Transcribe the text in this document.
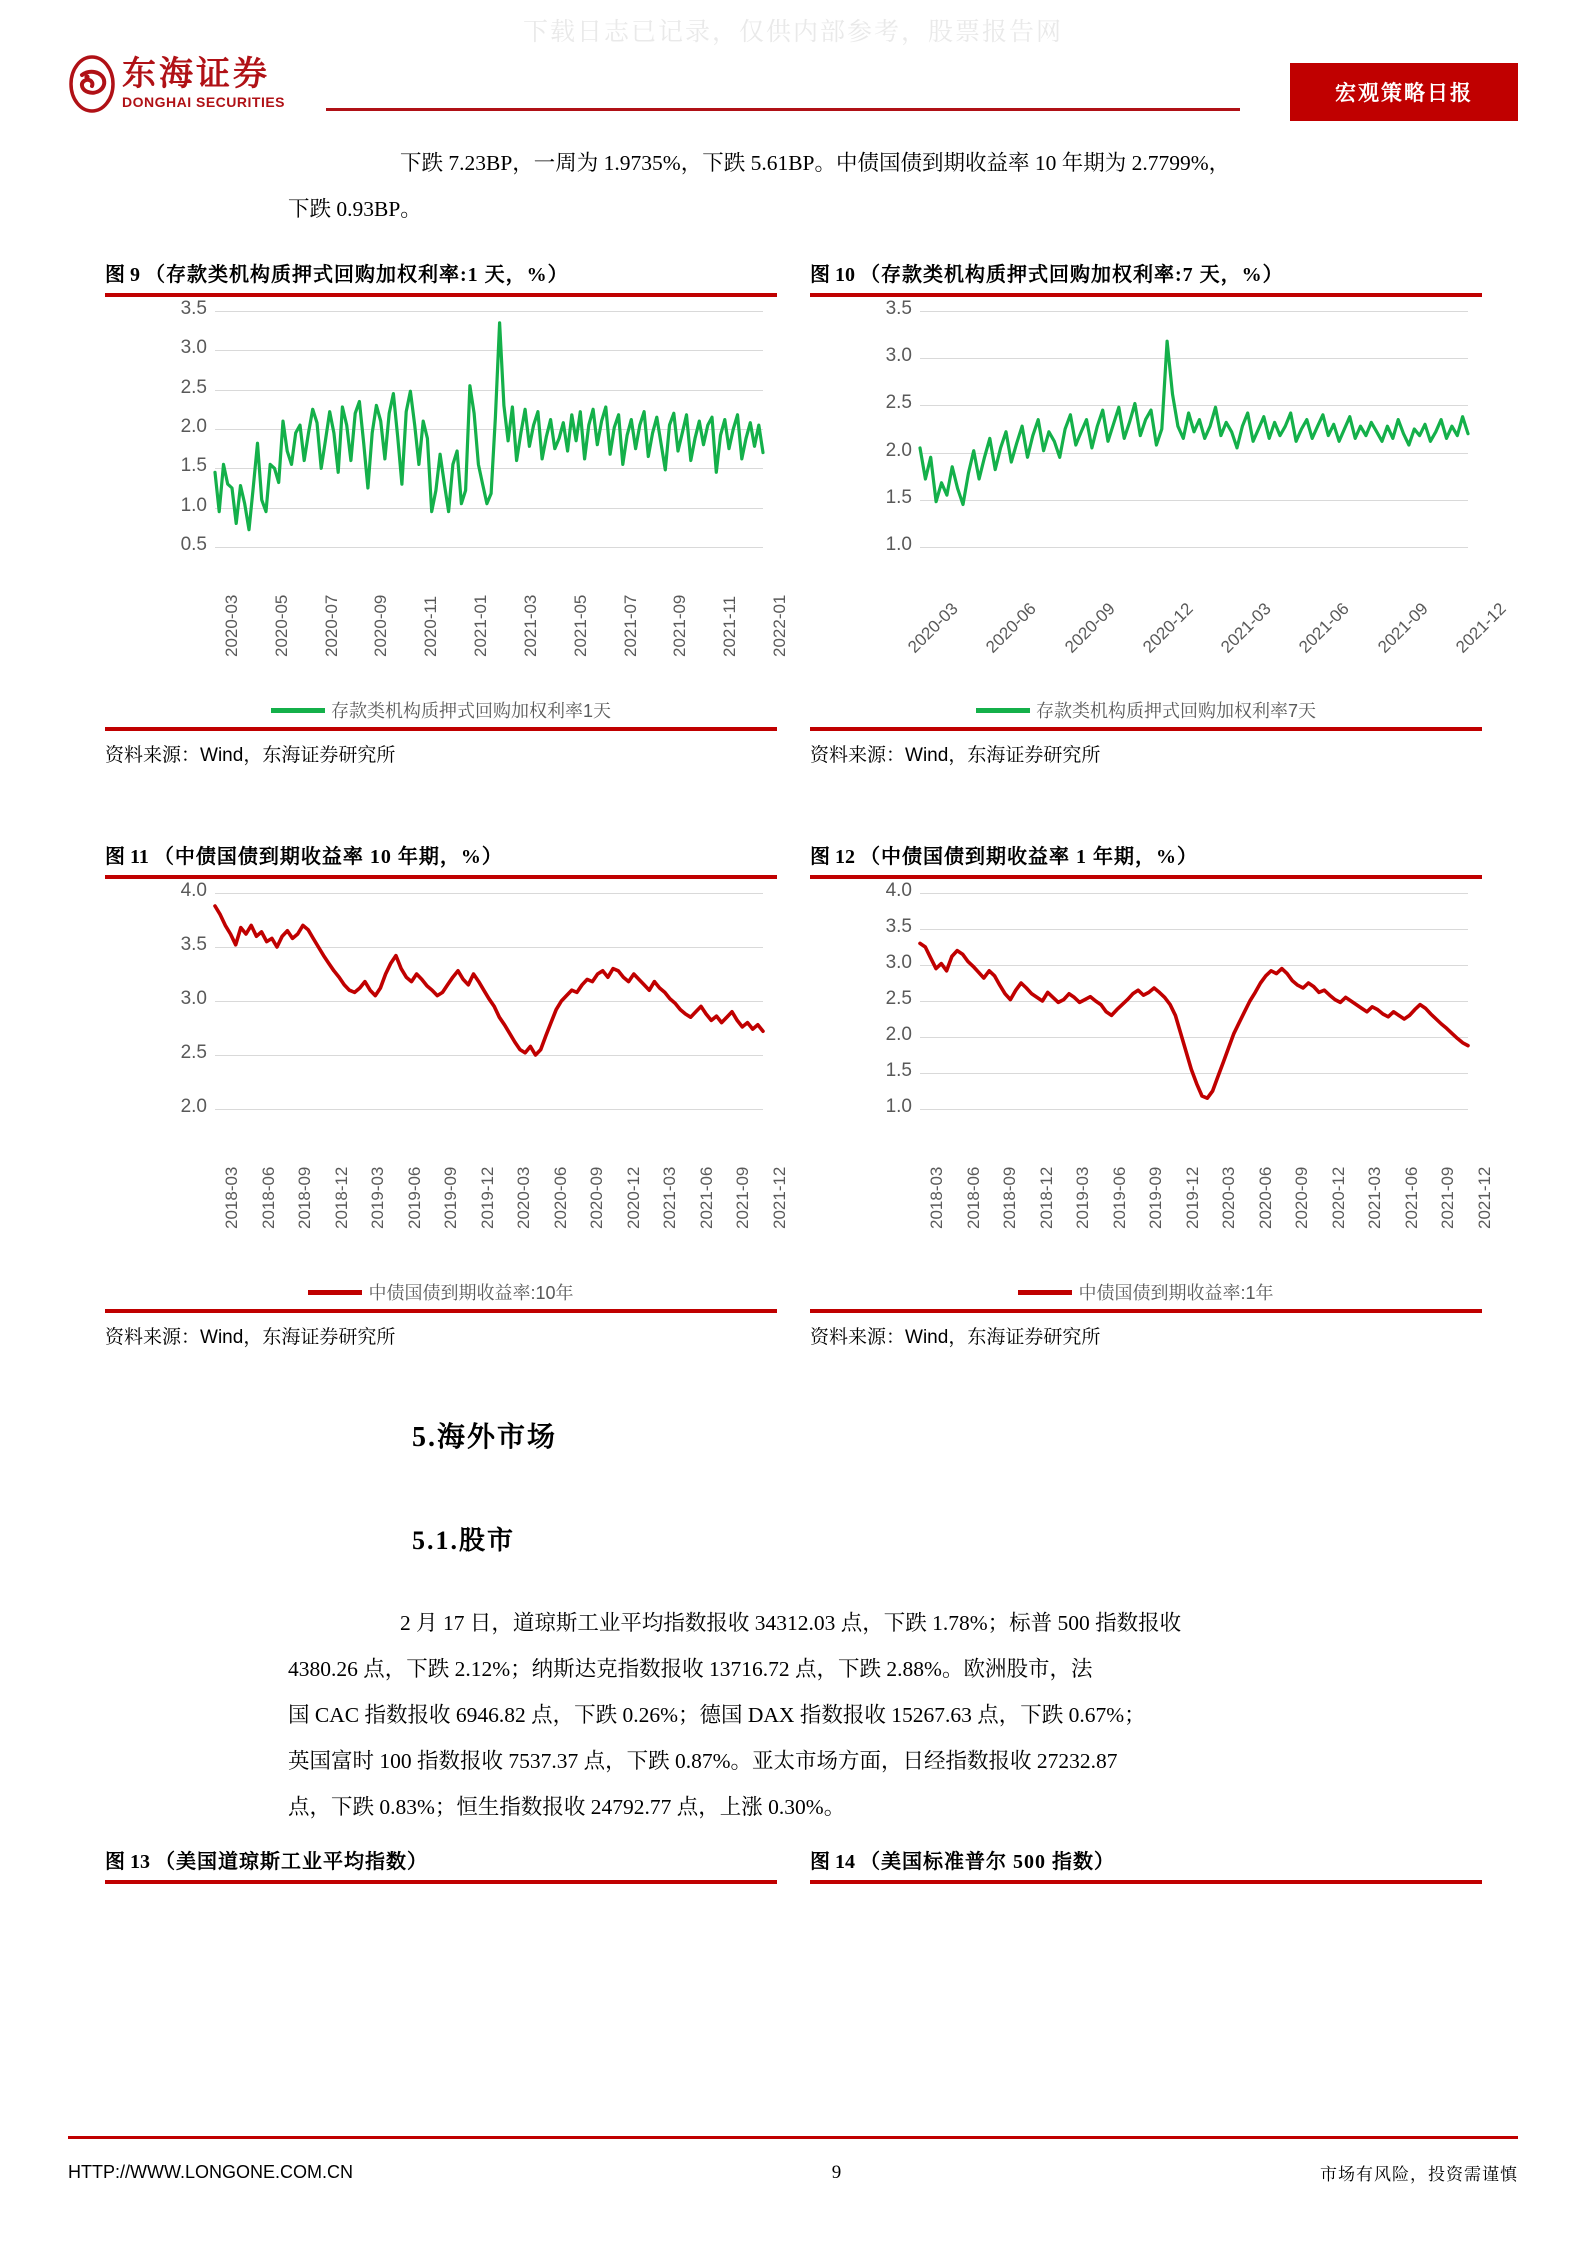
下载日志已记录，仅供内部参考，股票报告网
东海证券
DONGHAI SECURITIES	宏观策略日报
下跌 7.23BP，一周为 1.9735%，下跌 5.61BP。中债国债到期收益率 10 年期为 2.7799%，
下跌 0.93BP。
图 9 （存款类机构质押式回购加权利率:1 天，%）
0.5
1.0
1.5
2.0
2.5
3.0
3.5
2020-03 2020-05 2020-07 2020-09 2020-11 2021-01 2021-03 2021-05 2021-07 2021-09 2021-11 2022-01
存款类机构质押式回购加权利率1天
资料来源：Wind，东海证券研究所
图 10 （存款类机构质押式回购加权利率:7 天，%）
1.0
1.5
2.0
2.5
3.0
3.5
2020-03 2020-06 2020-09 2020-12 2021-03 2021-06 2021-09 2021-12
存款类机构质押式回购加权利率7天
资料来源：Wind，东海证券研究所
图 11 （中债国债到期收益率 10 年期，%）
2.0
2.5
3.0
3.5
4.0
2018-03 2018-06 2018-09 2018-12 2019-03 2019-06 2019-09 2019-12 2020-03 2020-06 2020-09 2020-12 2021-03 2021-06 2021-09 2021-12
中债国债到期收益率:10年
资料来源：Wind，东海证券研究所
图 12 （中债国债到期收益率 1 年期，%）
1.0
1.5
2.0
2.5
3.0
3.5
4.0
2018-03 2018-06 2018-09 2018-12 2019-03 2019-06 2019-09 2019-12 2020-03 2020-06 2020-09 2020-12 2021-03 2021-06 2021-09 2021-12
中债国债到期收益率:1年
资料来源：Wind，东海证券研究所
5.海外市场
5.1.股市
2 月 17 日，道琼斯工业平均指数报收 34312.03 点，下跌 1.78%；标普 500 指数报收
4380.26 点，下跌 2.12%；纳斯达克指数报收 13716.72 点，下跌 2.88%。欧洲股市，法
国 CAC 指数报收 6946.82 点，下跌 0.26%；德国 DAX 指数报收 15267.63 点，下跌 0.67%；
英国富时 100 指数报收 7537.37 点，下跌 0.87%。亚太市场方面，日经指数报收 27232.87
点，下跌 0.83%；恒生指数报收 24792.77 点，上涨 0.30%。
图 13 （美国道琼斯工业平均指数）	图 14 （美国标准普尔 500 指数）
HTTP://WWW.LONGONE.COM.CN	9	市场有风险，投资需谨慎
